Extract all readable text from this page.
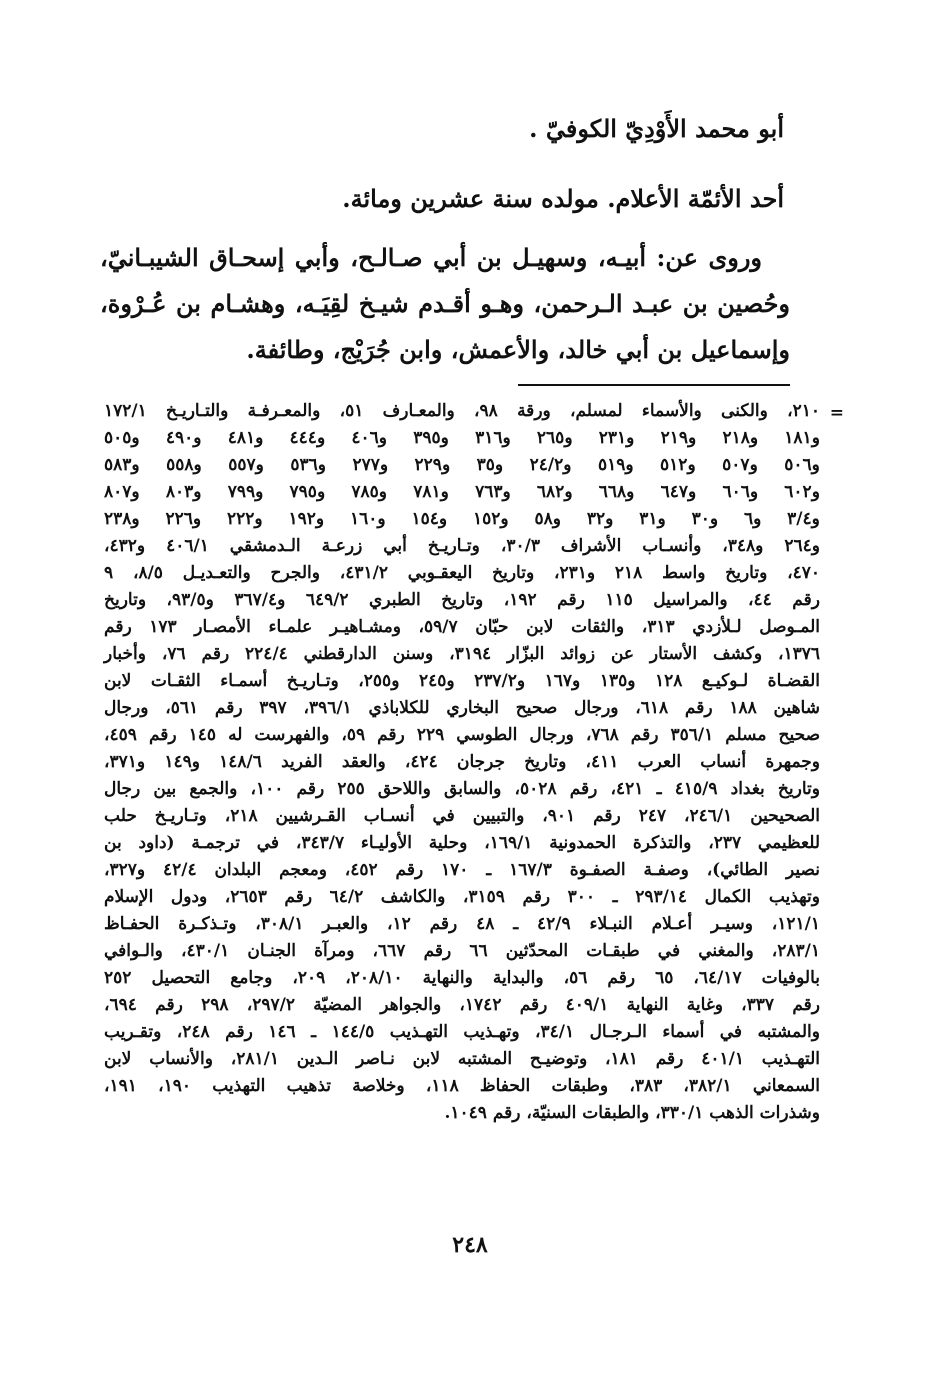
أبو محمد الأَوْدِيّ الكوفيّ .

أحد الأئمّة الأعلام. مولده سنة عشرين ومائة.

وروى عن: أبيـه، وسهيـل بن أبي صـالـح، وأبي إسحـاق الشيبـانيّ،
وحُصين بن عبـد الـرحمن، وهـو أقـدم شيـخ لقِيَـه، وهشـام بن عُـرْوة،
وإسماعيل بن أبي خالد، والأعمش، وابن جُرَيْج، وطائفة.

=

٢١٠، والكنى والأسماء لمسلم، ورقة ٩٨، والمعـارف ٥١، والمعـرفـة والتـاريـخ ١٧٢/١
و١٨١ و٢١٨ و٢١٩ و٢٣١ و٢٦٥ و٣١٦ و٣٩٥ و٤٠٦ و٤٤٤ و٤٨١ و٤٩٠ و٥٠٥
و٥٠٦ و٥٠٧ و٥١٢ و٥١٩ و٢٤/٢ و٣٥ و٢٢٩ و٢٧٧ و٥٣٦ و٥٥٧ و٥٥٨ و٥٨٣
و٦٠٢ و٦٠٦ و٦٤٧ و٦٦٨ و٦٨٢ و٧٦٣ و٧٨١ و٧٨٥ و٧٩٥ و٧٩٩ و٨٠٣ و٨٠٧
و٣/٤ و٦ و٣٠ و٣١ و٣٢ و٥٨ و١٥٢ و١٥٤ و١٦٠ و١٩٢ و٢٢٢ و٢٢٦ و٢٣٨
و٢٦٤ و٣٤٨، وأنسـاب الأشراف ٣٠/٣، وتـاريـخ أبي زرعـة الـدمشقي ٤٠٦/١ و٤٣٢،
٤٧٠، وتاريخ واسط ٢١٨ و٢٣١، وتاريخ اليعقـوبي ٤٣١/٢، والجرح والتعـديـل ٨/٥، ٩
رقم ٤٤، والمراسيل ١١٥ رقم ١٩٢، وتاريخ الطبري ٦٤٩/٢ و٣٦٧/٤ و٩٣/٥، وتاريخ
المـوصل لـلأزدي ٣١٣، والثقات لابن حبّان ٥٩/٧، ومشـاهيـر علمـاء الأمصـار ١٧٣ رقم
١٣٧٦، وكشف الأستار عن زوائد البزّار ٣١٩٤، وسنن الدارقطني ٢٢٤/٤ رقم ٧٦، وأخبار
القضـاة لـوكيـع ١٢٨ و١٣٥ و١٦٧ و٢٣٧/٢ و٢٤٥ و٢٥٥، وتـاريـخ أسمـاء الثقـات لابن
شاهين ١٨٨ رقم ٦١٨، ورجال صحيح البخاري للكلاباذي ٣٩٦/١، ٣٩٧ رقم ٥٦١، ورجال
صحيح مسلم ٣٥٦/١ رقم ٧٦٨، ورجال الطوسي ٢٢٩ رقم ٥٩، والفهرست له ١٤٥ رقم ٤٥٩،
وجمهرة أنساب العرب ٤١١، وتاريخ جرجان ٤٢٤، والعقد الفريد ١٤٨/٦ و١٤٩ و٣٧١،
وتاريخ بغداد ٤١٥/٩ ـ ٤٢١، رقم ٥٠٢٨، والسابق واللاحق ٢٥٥ رقم ١٠٠، والجمع بين رجال
الصحيحين ٢٤٦/١، ٢٤٧ رقم ٩٠١، والتبيين في أنسـاب القـرشيين ٢١٨، وتـاريـخ حلب
للعظيمي ٢٣٧، والتذكرة الحمدونية ١٦٩/١، وحلية الأوليـاء ٣٤٣/٧، في ترجمـة (داود بن
نصير الطائي)، وصفـة الصفـوة ١٦٧/٣ ـ ١٧٠ رقم ٤٥٢، ومعجم البلدان ٤٢/٤ و٣٢٧،
وتهذيب الكمال ٢٩٣/١٤ ـ ٣٠٠ رقم ٣١٥٩، والكاشف ٦٤/٢ رقم ٢٦٥٣، ودول الإسلام
١٢١/١، وسيـر أعـلام النبـلاء ٤٢/٩ ـ ٤٨ رقم ١٢، والعبـر ٣٠٨/١، وتـذكـرة الحفـاظ
٢٨٣/١، والمغني في طبقـات المحدّثين ٦٦ رقم ٦٦٧، ومرآة الجنـان ٤٣٠/١، والـوافي
بالوفيات ٦٤/١٧، ٦٥ رقم ٥٦، والبداية والنهاية ٢٠٨/١٠، ٢٠٩، وجامع التحصيل ٢٥٢
رقم ٣٣٧، وغاية النهاية ٤٠٩/١ رقم ١٧٤٢، والجواهر المضيّة ٢٩٧/٢، ٢٩٨ رقم ٦٩٤،
والمشتبه في أسماء الـرجـال ٣٤/١، وتهـذيب التهـذيب ١٤٤/٥ ـ ١٤٦ رقم ٢٤٨، وتقـريب
التهـذيب ٤٠١/١ رقم ١٨١، وتوضيـح المشتبه لابن نـاصر الـدين ٢٨١/١، والأنساب لابن
السمعاني ٣٨٢/١، ٣٨٣، وطبقات الحفاظ ١١٨، وخلاصة تذهيب التهذيب ١٩٠، ١٩١،
وشذرات الذهب ٣٣٠/١، والطبقات السنيّة، رقم ١٠٤٩.

٢٤٨
